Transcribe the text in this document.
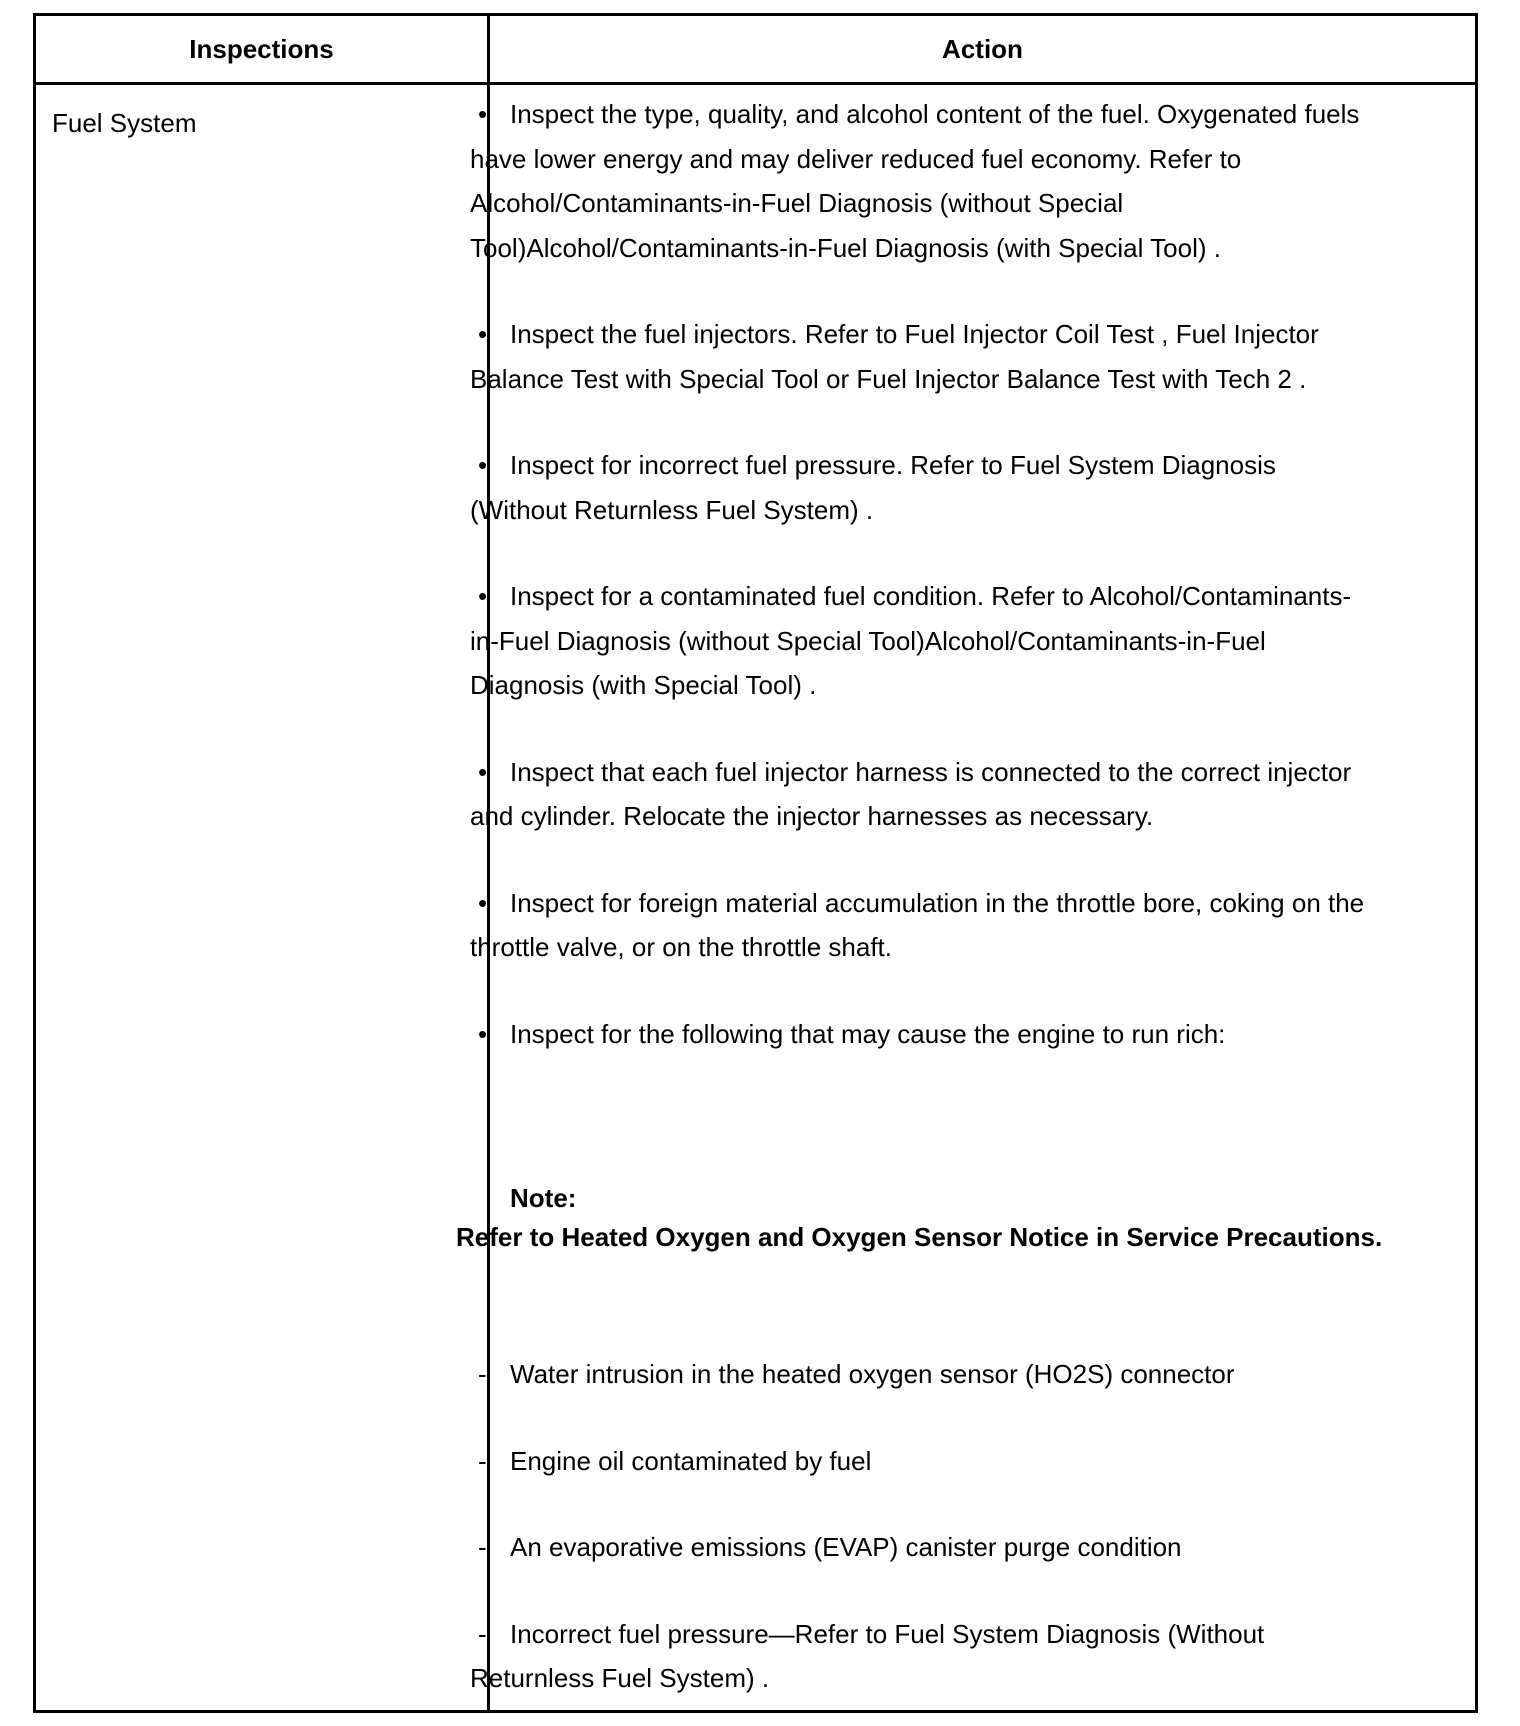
Inspections	Action
Fuel System	• Inspect the type, quality, and alcohol content of the fuel. Oxygenated fuels have lower energy and may deliver reduced fuel economy. Refer to Alcohol/Contaminants-in-Fuel Diagnosis (without Special Tool)Alcohol/Contaminants-in-Fuel Diagnosis (with Special Tool) .

• Inspect the fuel injectors. Refer to Fuel Injector Coil Test , Fuel Injector Balance Test with Special Tool or Fuel Injector Balance Test with Tech 2 .

• Inspect for incorrect fuel pressure. Refer to Fuel System Diagnosis (Without Returnless Fuel System) .

• Inspect for a contaminated fuel condition. Refer to Alcohol/Contaminants-in-Fuel Diagnosis (without Special Tool)Alcohol/Contaminants-in-Fuel Diagnosis (with Special Tool) .

• Inspect that each fuel injector harness is connected to the correct injector and cylinder. Relocate the injector harnesses as necessary.

• Inspect for foreign material accumulation in the throttle bore, coking on the throttle valve, or on the throttle shaft.

• Inspect for the following that may cause the engine to run rich:

Note:
Refer to Heated Oxygen and Oxygen Sensor Notice in Service Precautions.

- Water intrusion in the heated oxygen sensor (HO2S) connector

- Engine oil contaminated by fuel

- An evaporative emissions (EVAP) canister purge condition

- Incorrect fuel pressure—Refer to Fuel System Diagnosis (Without Returnless Fuel System) .
